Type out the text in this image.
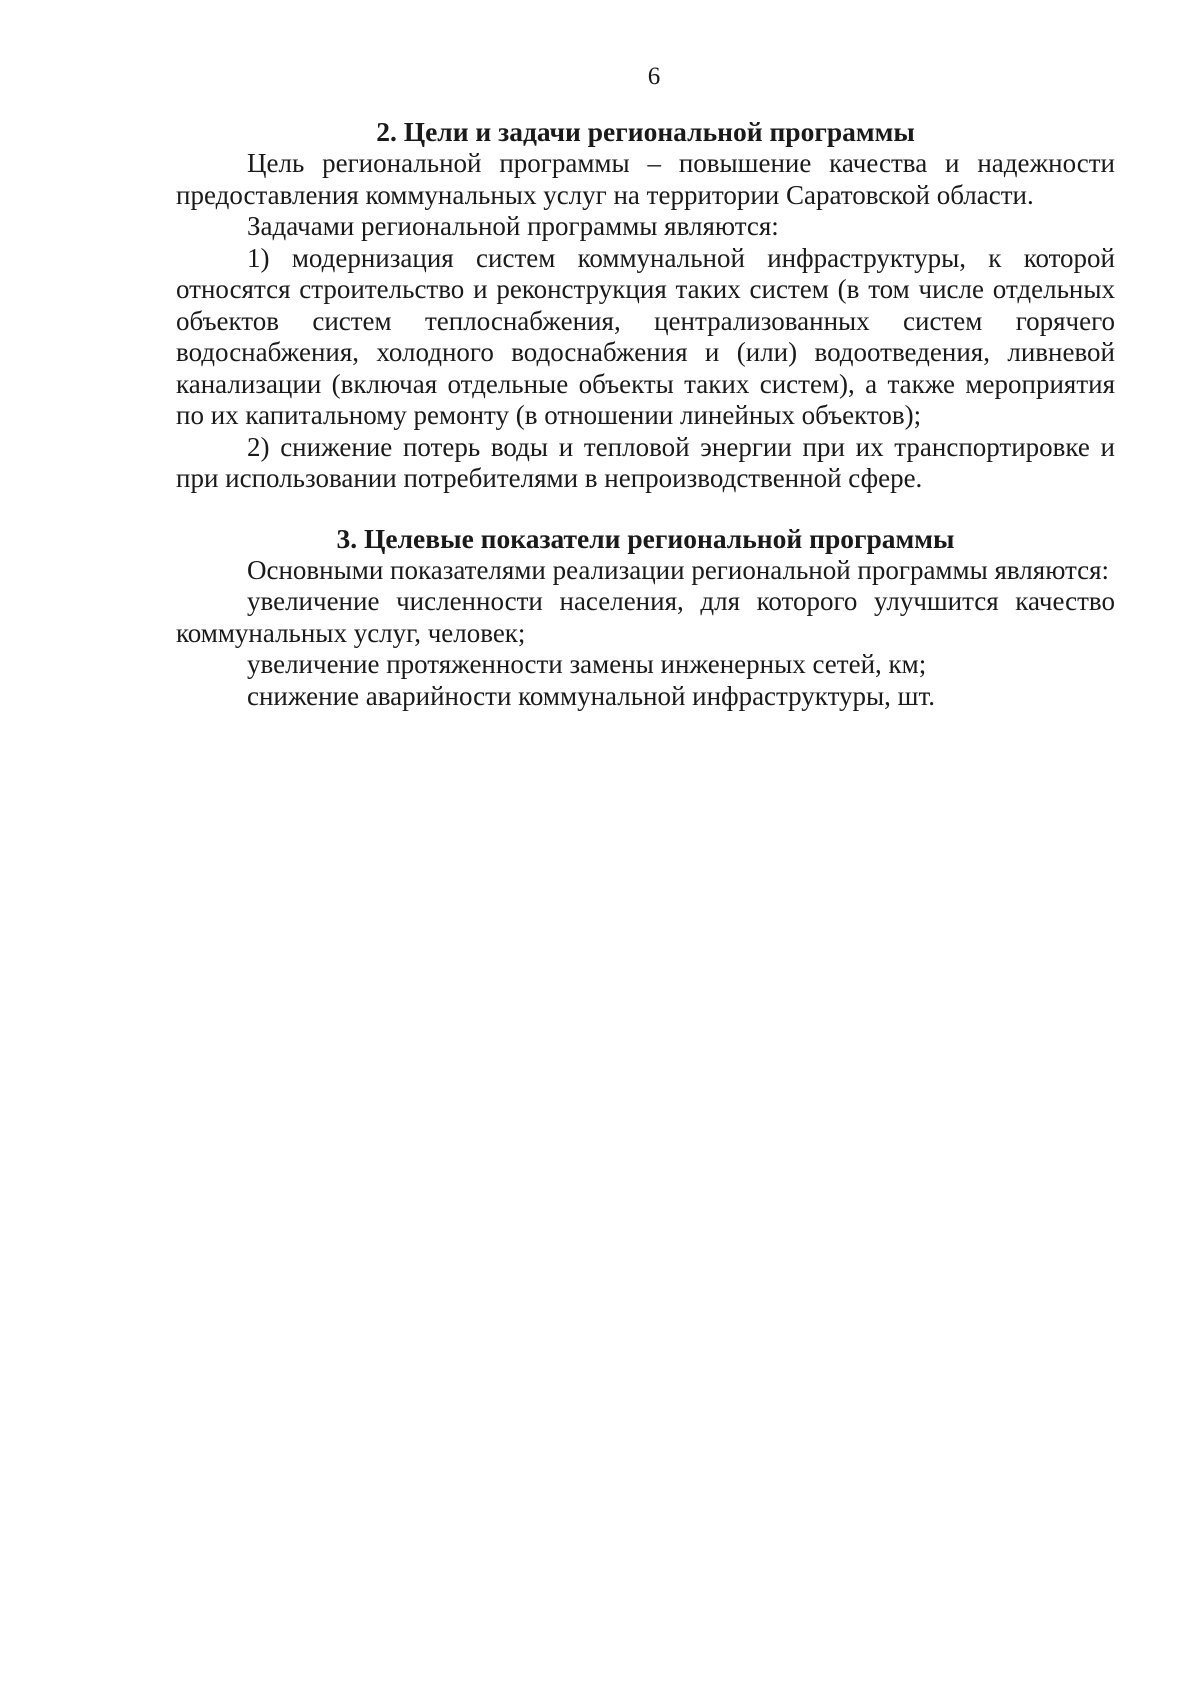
6
2. Цели и задачи региональной программы

Цель региональной программы – повышение качества и надежности предоставления коммунальных услуг на территории Саратовской области.

Задачами региональной программы являются:

1) модернизация систем коммунальной инфраструктуры, к которой относятся строительство и реконструкция таких систем (в том числе отдельных объектов систем теплоснабжения, централизованных систем горячего водоснабжения, холодного водоснабжения и (или) водоотведения, ливневой канализации (включая отдельные объекты таких систем), а также мероприятия по их капитальному ремонту (в отношении линейных объектов);

2) снижение потерь воды и тепловой энергии при их транспортировке и при использовании потребителями в непроизводственной сфере.

3. Целевые показатели региональной программы

Основными показателями реализации региональной программы являются:

увеличение численности населения, для которого улучшится качество коммунальных услуг, человек;

увеличение протяженности замены инженерных сетей, км;

снижение аварийности коммунальной инфраструктуры, шт.
